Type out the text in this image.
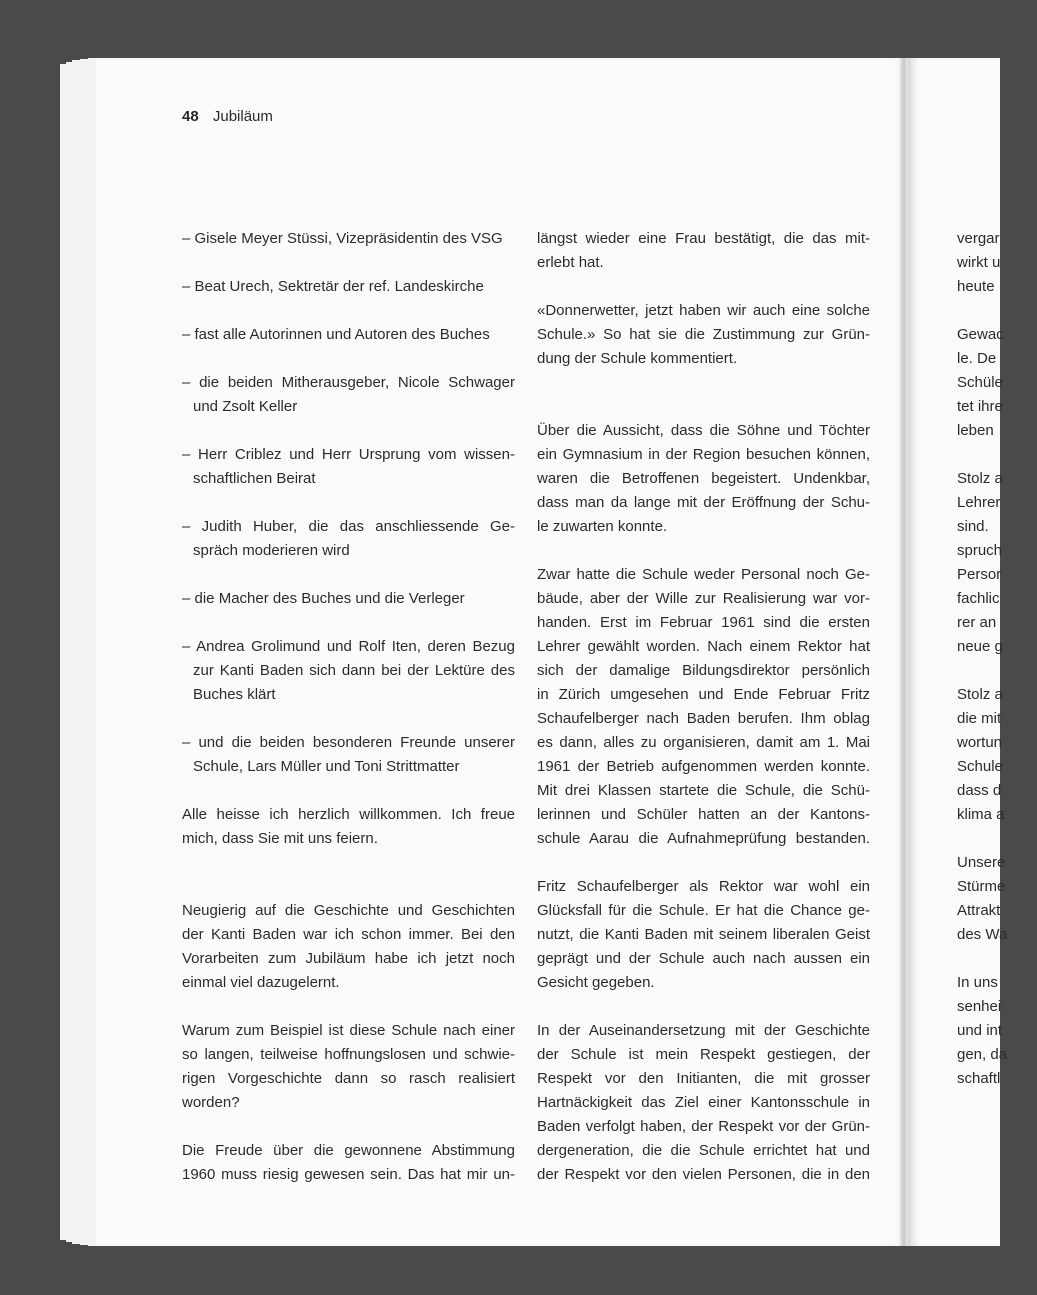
48 Jubiläum
– Gisele Meyer Stüssi, Vizepräsidentin des VSG
– Beat Urech, Sektretär der ref. Landeskirche
– fast alle Autorinnen und Autoren des Buches
– die beiden Mitherausgeber, Nicole Schwager
und Zsolt Keller
– Herr Criblez und Herr Ursprung vom wissen-
schaftlichen Beirat
– Judith Huber, die das anschliessende Ge-
spräch moderieren wird
– die Macher des Buches und die Verleger
– Andrea Grolimund und Rolf Iten, deren Bezug
zur Kanti Baden sich dann bei der Lektüre des
Buches klärt
– und die beiden besonderen Freunde unserer
Schule, Lars Müller und Toni Strittmatter
Alle heisse ich herzlich willkommen. Ich freue
mich, dass Sie mit uns feiern.
Neugierig auf die Geschichte und Geschichten
der Kanti Baden war ich schon immer. Bei den
Vorarbeiten zum Jubiläum habe ich jetzt noch
einmal viel dazugelernt.
Warum zum Beispiel ist diese Schule nach einer
so langen, teilweise hoffnungslosen und schwie-
rigen Vorgeschichte dann so rasch realisiert
worden?
Die Freude über die gewonnene Abstimmung
1960 muss riesig gewesen sein. Das hat mir un-
längst wieder eine Frau bestätigt, die das mit-
erlebt hat.
«Donnerwetter, jetzt haben wir auch eine solche
Schule.» So hat sie die Zustimmung zur Grün-
dung der Schule kommentiert.
Über die Aussicht, dass die Söhne und Töchter
ein Gymnasium in der Region besuchen können,
waren die Betroffenen begeistert. Undenkbar,
dass man da lange mit der Eröffnung der Schu-
le zuwarten konnte.
Zwar hatte die Schule weder Personal noch Ge-
bäude, aber der Wille zur Realisierung war vor-
handen. Erst im Februar 1961 sind die ersten
Lehrer gewählt worden. Nach einem Rektor hat
sich der damalige Bildungsdirektor persönlich
in Zürich umgesehen und Ende Februar Fritz
Schaufelberger nach Baden berufen. Ihm oblag
es dann, alles zu organisieren, damit am 1. Mai
1961 der Betrieb aufgenommen werden konnte.
Mit drei Klassen startete die Schule, die Schü-
lerinnen und Schüler hatten an der Kantons-
schule Aarau die Aufnahmeprüfung bestanden.
Fritz Schaufelberger als Rektor war wohl ein
Glücksfall für die Schule. Er hat die Chance ge-
nutzt, die Kanti Baden mit seinem liberalen Geist
geprägt und der Schule auch nach aussen ein
Gesicht gegeben.
In der Auseinandersetzung mit der Geschichte
der Schule ist mein Respekt gestiegen, der
Respekt vor den Initianten, die mit grosser
Hartnäckigkeit das Ziel einer Kantonsschule in
Baden verfolgt haben, der Respekt vor der Grün-
dergeneration, die die Schule errichtet hat und
der Respekt vor den vielen Personen, die in den
vergar
wirkt u
heute
Gewac
le. De
Schüle
tet ihre
leben
Stolz a
Lehrer
sind.
spruch
Persor
fachlic
rer an
neue g
Stolz a
die mit
wortun
Schule
dass d
klima a
Unsere
Stürme
Attrakt
des Wa
In uns
senhei
und int
gen, da
schaftl
